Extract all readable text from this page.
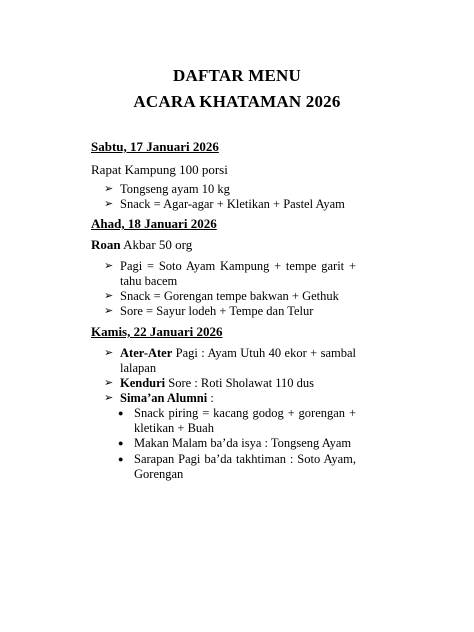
DAFTAR MENU
ACARA KHATAMAN 2026
Sabtu, 17 Januari 2026
Rapat Kampung 100 porsi
➢ Tongseng ayam 10 kg
➢ Snack = Agar-agar + Kletikan + Pastel Ayam
Ahad, 18 Januari 2026
Roan Akbar 50 org
➢ Pagi = Soto Ayam Kampung + tempe garit + tahu bacem
➢ Snack = Gorengan tempe bakwan + Gethuk
➢ Sore = Sayur lodeh + Tempe dan Telur
Kamis, 22 Januari 2026
➢ Ater-Ater Pagi : Ayam Utuh 40 ekor + sambal lalapan
➢ Kenduri Sore : Roti Sholawat 110 dus
➢ Sima’an Alumni :
● Snack piring = kacang godog + gorengan + kletikan + Buah
● Makan Malam ba’da isya : Tongseng Ayam
● Sarapan Pagi ba’da takhtiman : Soto Ayam, Gorengan
